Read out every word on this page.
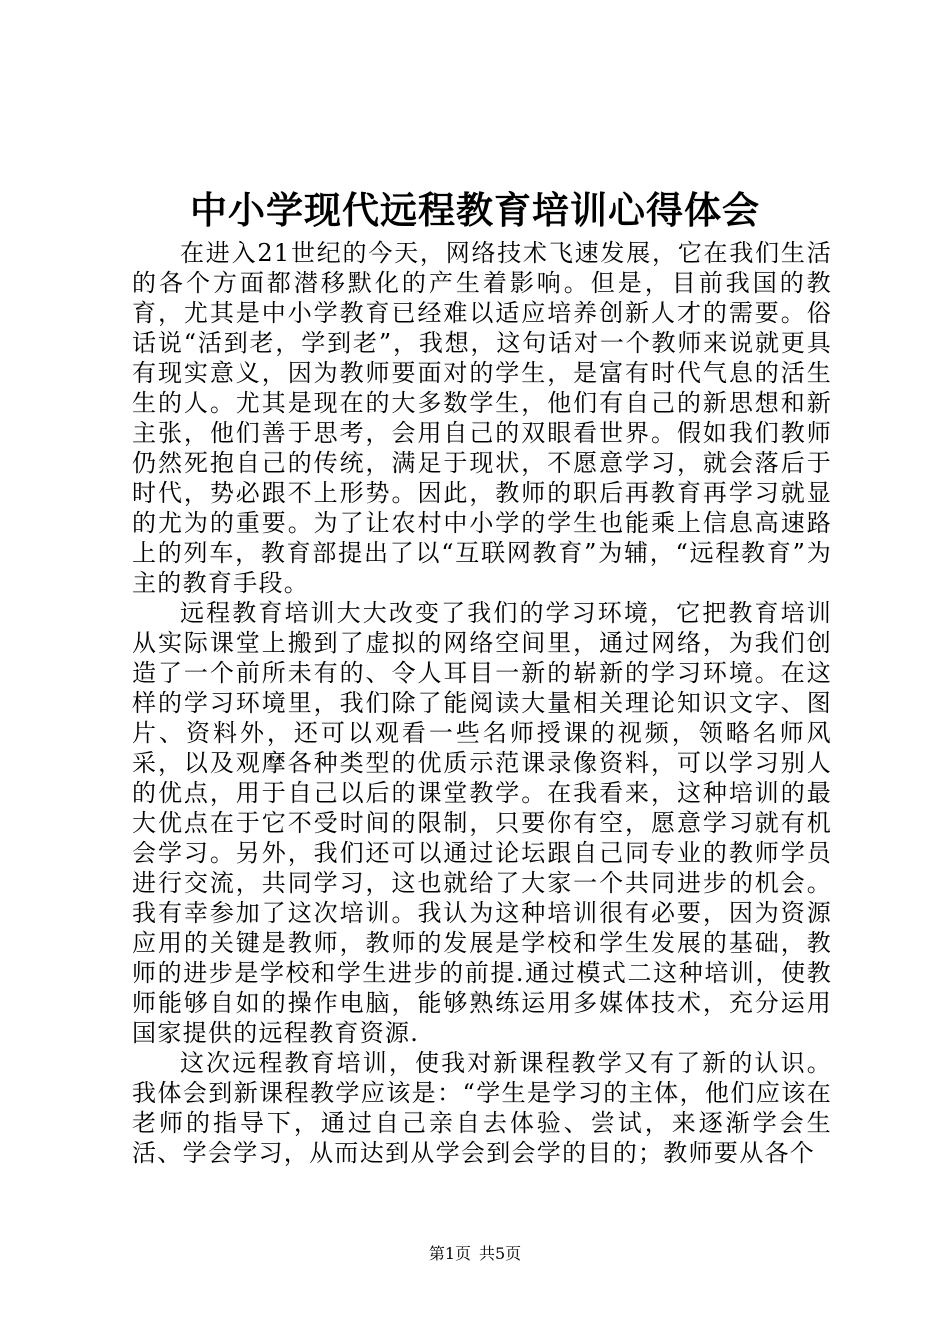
中小学现代远程教育培训心得体会

在进入21世纪的今天，网络技术飞速发展，它在我们生活的各个方面都潜移默化的产生着影响。但是，目前我国的教育，尤其是中小学教育已经难以适应培养创新人才的需要。俗话说“活到老，学到老”，我想，这句话对一个教师来说就更具有现实意义，因为教师要面对的学生，是富有时代气息的活生生的人。尤其是现在的大多数学生，他们有自己的新思想和新主张，他们善于思考，会用自己的双眼看世界。假如我们教师仍然死抱自己的传统，满足于现状，不愿意学习，就会落后于时代，势必跟不上形势。因此，教师的职后再教育再学习就显的尤为的重要。为了让农村中小学的学生也能乘上信息高速路上的列车，教育部提出了以“互联网教育”为辅，“远程教育”为主的教育手段。

远程教育培训大大改变了我们的学习环境，它把教育培训从实际课堂上搬到了虚拟的网络空间里，通过网络，为我们创造了一个前所未有的、令人耳目一新的崭新的学习环境。在这样的学习环境里，我们除了能阅读大量相关理论知识文字、图片、资料外，还可以观看一些名师授课的视频，领略名师风采，以及观摩各种类型的优质示范课录像资料，可以学习别人的优点，用于自己以后的课堂教学。在我看来，这种培训的最大优点在于它不受时间的限制，只要你有空，愿意学习就有机会学习。另外，我们还可以通过论坛跟自己同专业的教师学员进行交流，共同学习，这也就给了大家一个共同进步的机会。我有幸参加了这次培训。我认为这种培训很有必要，因为资源应用的关键是教师，教师的发展是学校和学生发展的基础，教师的进步是学校和学生进步的前提.通过模式二这种培训，使教师能够自如的操作电脑，能够熟练运用多媒体技术，充分运用国家提供的远程教育资源.

这次远程教育培训，使我对新课程教学又有了新的认识。我体会到新课程教学应该是：“学生是学习的主体，他们应该在老师的指导下，通过自己亲自去体验、尝试，来逐渐学会生活、学会学习，从而达到从学会到会学的目的；教师要从各个

第1页 共5页
